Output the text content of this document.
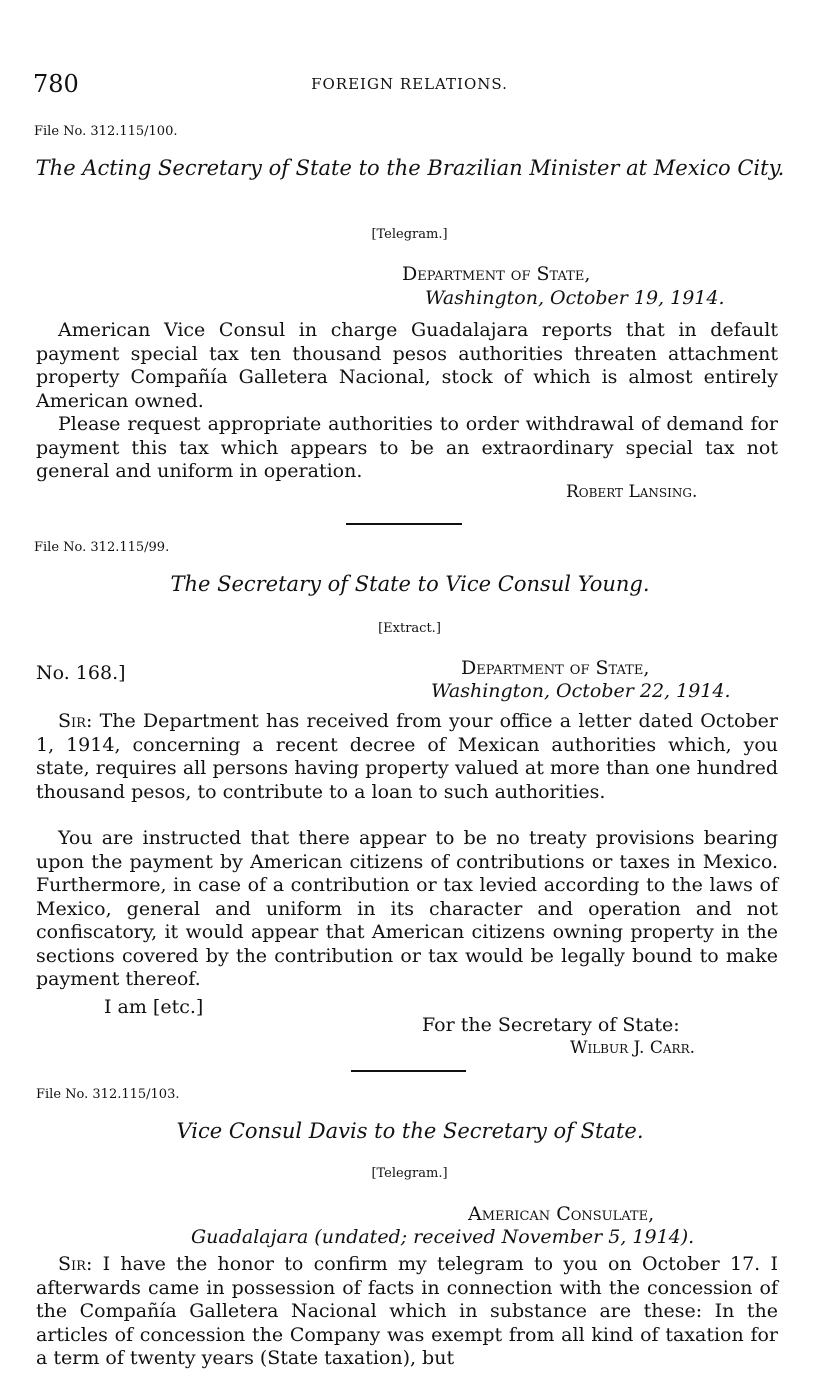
780	FOREIGN RELATIONS.
File No. 312.115/100.
The Acting Secretary of State to the Brazilian Minister at Mexico City.
[Telegram.]
Department of State,
Washington, October 19, 1914.
American Vice Consul in charge Guadalajara reports that in default payment special tax ten thousand pesos authorities threaten attachment property Compañía Galletera Nacional, stock of which is almost entirely American owned.
Please request appropriate authorities to order withdrawal of demand for payment this tax which appears to be an extraordinary special tax not general and uniform in operation.
Robert Lansing.
File No. 312.115/99.
The Secretary of State to Vice Consul Young.
[Extract.]
No. 168.]	Department of State,
Washington, October 22, 1914.
Sir: The Department has received from your office a letter dated October 1, 1914, concerning a recent decree of Mexican authorities which, you state, requires all persons having property valued at more than one hundred thousand pesos, to contribute to a loan to such authorities.
You are instructed that there appear to be no treaty provisions bearing upon the payment by American citizens of contributions or taxes in Mexico. Furthermore, in case of a contribution or tax levied according to the laws of Mexico, general and uniform in its character and operation and not confiscatory, it would appear that American citizens owning property in the sections covered by the contribution or tax would be legally bound to make payment thereof.
I am [etc.]
For the Secretary of State:
Wilbur J. Carr.
File No. 312.115/103.
Vice Consul Davis to the Secretary of State.
[Telegram.]
American Consulate,
Guadalajara (undated; received November 5, 1914).
Sir: I have the honor to confirm my telegram to you on October 17. I afterwards came in possession of facts in connection with the concession of the Compañía Galletera Nacional which in substance are these: In the articles of concession the Company was exempt from all kind of taxation for a term of twenty years (State taxation), but
